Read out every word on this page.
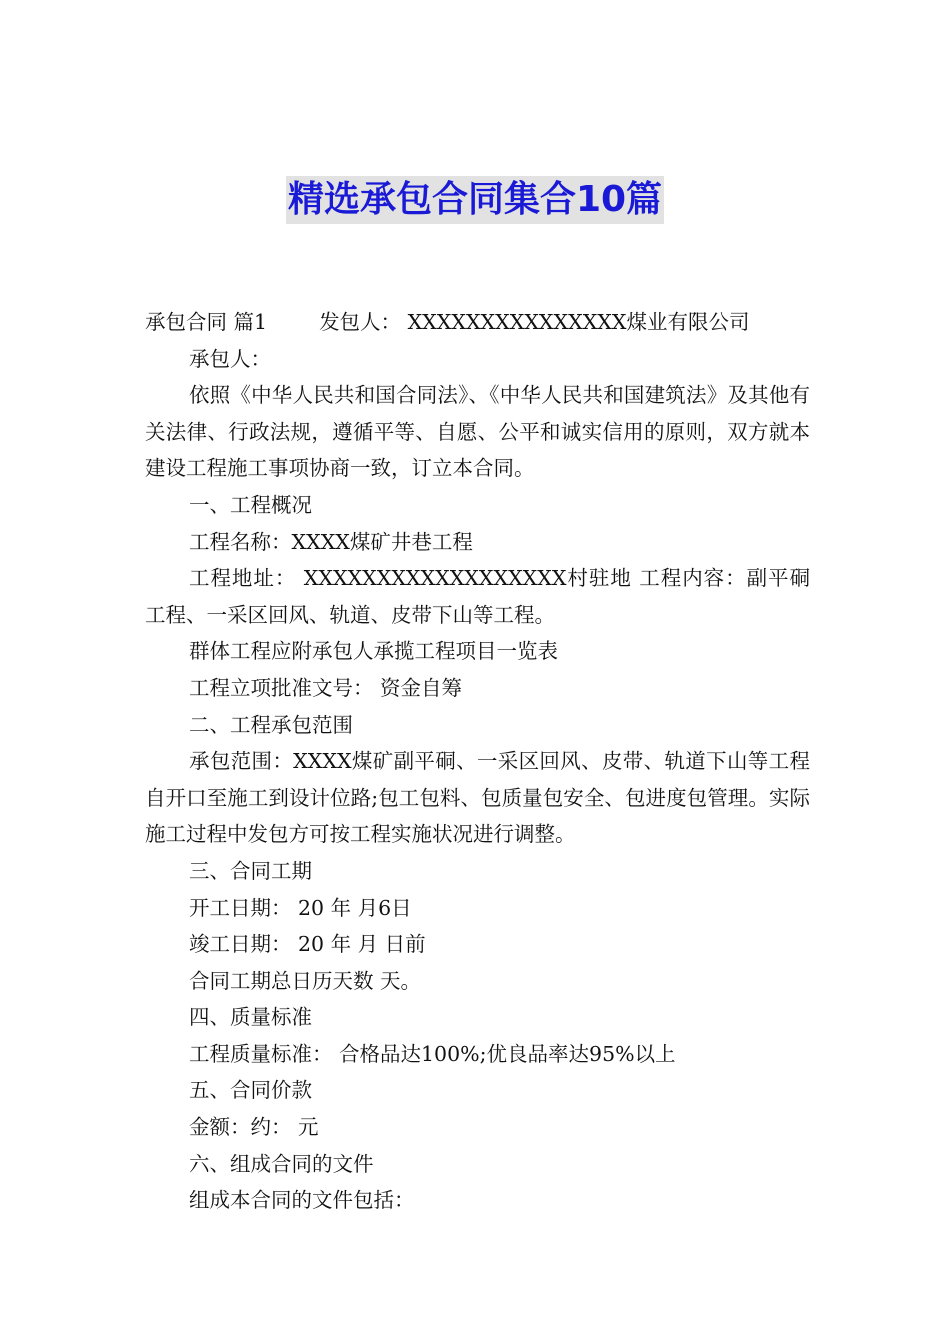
精选承包合同集合10篇

承包合同 篇1	发包人： XXXXXXXXXXXXXXX煤业有限公司

承包人：

依照《中华人民共和国合同法》、《中华人民共和国建筑法》及其他有关法律、行政法规，遵循平等、自愿、公平和诚实信用的原则，双方就本建设工程施工事项协商一致，订立本合同。

一、工程概况

工程名称：XXXX煤矿井巷工程

工程地址： XXXXXXXXXXXXXXXXXX村驻地 工程内容：副平硐工程、一采区回风、轨道、皮带下山等工程。

群体工程应附承包人承揽工程项目一览表

工程立项批准文号： 资金自筹

二、工程承包范围

承包范围：XXXX煤矿副平硐、一采区回风、皮带、轨道下山等工程自开口至施工到设计位路;包工包料、包质量包安全、包进度包管理。实际施工过程中发包方可按工程实施状况进行调整。

三、合同工期

开工日期： 20 年 月6日

竣工日期： 20 年 月 日前

合同工期总日历天数 天。

四、质量标准

工程质量标准： 合格品达100%;优良品率达95%以上

五、合同价款

金额：约： 元

六、组成合同的文件

组成本合同的文件包括：
